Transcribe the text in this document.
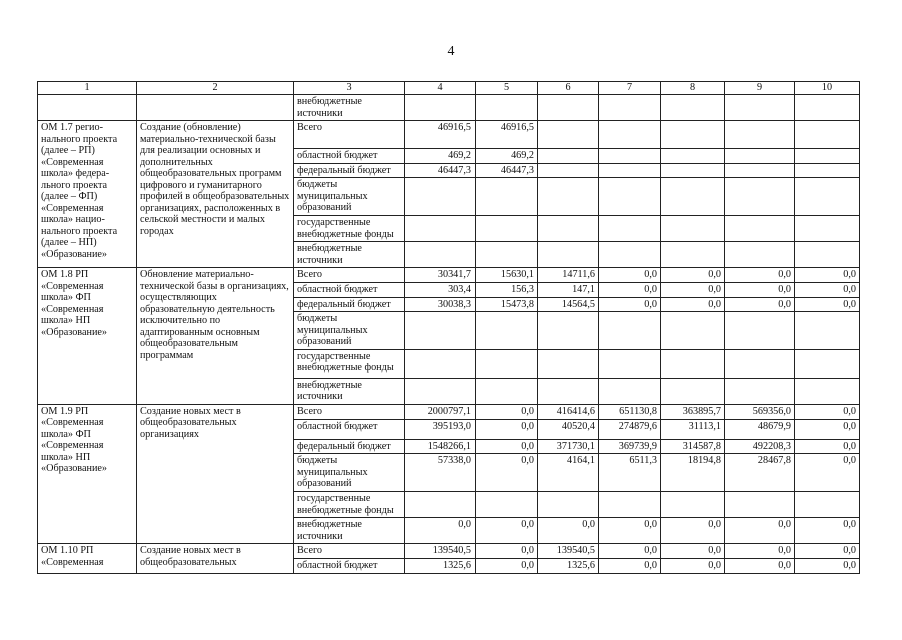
4
1	2	3	4	5	6	7	8	9	10
		внебюджетные источники							
ОМ 1.7 регио-нального проекта (далее – РП) «Современная школа» федера-льного проекта (далее – ФП) «Современная школа» нацио-нального проекта (далее – НП) «Образование»	Создание (обновление) материально-технической базы для реализации основных и дополнительных общеобразовательных программ цифрового и гуманитарного профилей в общеобразовательных организациях, расположенных в сельской местности и малых городах	Всего	46916,5	46916,5					
		областной бюджет	469,2	469,2					
		федеральный бюджет	46447,3	46447,3					
		бюджеты муниципальных образований							
		государственные внебюджетные фонды							
		внебюджетные источники							
ОМ 1.8 РП «Современная школа» ФП «Современная школа» НП «Образование»	Обновление материально-технической базы в организациях, осуществляющих образовательную деятельность исключительно по адаптированным основным общеобразовательным программам	Всего	30341,7	15630,1	14711,6	0,0	0,0	0,0	0,0
		областной бюджет	303,4	156,3	147,1	0,0	0,0	0,0	0,0
		федеральный бюджет	30038,3	15473,8	14564,5	0,0	0,0	0,0	0,0
		бюджеты муниципальных образований							
		государственные внебюджетные фонды							
		внебюджетные источники							
ОМ 1.9 РП «Современная школа» ФП «Современная школа» НП «Образование»	Создание новых мест в общеобразовательных организациях	Всего	2000797,1	0,0	416414,6	651130,8	363895,7	569356,0	0,0
		областной бюджет	395193,0	0,0	40520,4	274879,6	31113,1	48679,9	0,0
		федеральный бюджет	1548266,1	0,0	371730,1	369739,9	314587,8	492208,3	0,0
		бюджеты муниципальных образований	57338,0	0,0	4164,1	6511,3	18194,8	28467,8	0,0
		государственные внебюджетные фонды							
		внебюджетные источники	0,0	0,0	0,0	0,0	0,0	0,0	0,0
ОМ 1.10 РП «Современная	Создание новых мест в общеобразовательных	Всего	139540,5	0,0	139540,5	0,0	0,0	0,0	0,0
		областной бюджет	1325,6	0,0	1325,6	0,0	0,0	0,0	0,0
